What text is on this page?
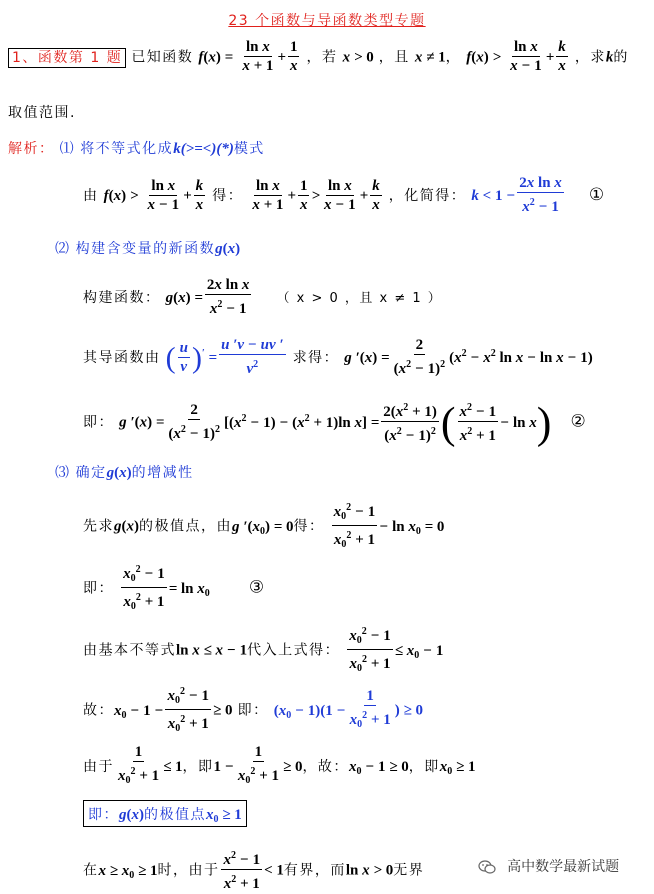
23 个函数与导函数类型专题
1、函数第 1 题 已知函数 $f(x) = \frac{\text{ln x}}{x + 1} + \frac{1}{x}$ ，若 x > 0 ，且 x ≠ 1， $f(x) > \frac{\text{ln x}}{x - 1} + \frac{k}{x}$ ，求k的
取值范围.
解析： ⑴ 将不等式化成k(>=<)(*)模式
由 $f(x) > \frac{\text{ln x}}{x - 1} + \frac{k}{x}$ 得： $\frac{\text{ln x}}{x + 1} + \frac{1}{x} > \frac{\text{ln x}}{x - 1} + \frac{k}{x}$ ，化简得： $k < 1 - \frac{\text{2x ln x}}{x^2 - 1}$ ①
⑵ 构建含变量的新函数g(x)
构建函数： $g(x) = \frac{\text{2x ln x}}{x^2 - 1}$ （ x > 0 ，且 x ≠ 1 ）
其导函数由 ( $\frac{u}{v} )' = \frac{u 'v - uv '}{v^2}$ 求得： g $'(x) = \frac{2}{(x^2 - 1)^2} (x^2 - x^2$ ln x − ln x − 1)
即： g $'(x) = \frac{2}{(x^2 - 1)^2} [(x^2 - 1) - (x^2 + 1)\ln$ $x] = \frac{2(x^2 + 1)}{(x^2 - 1)^2}$ ( $\frac{x^2 - 1}{x^2 + 1} - \ln x$) ②
⑶ 确定g(x)的增减性
先求g(x)的极值点，由g $'(x_0) = 0$得： $\frac{x_0^2 - 1}{x_0^2 + 1} - \ln x_0 = 0$
即： $\frac{x_0^2 - 1}{x_0^2 + 1} = \ln x_0$ ③
由基本不等式ln x ≤ x − 1代入上式得： $\frac{x_0^2 - 1}{x_0^2 + 1} \le x_0 - 1$
故：$x_0 - 1 - \frac{x_0^2 - 1}{x_0^2 + 1} \ge 0$ 即： $(x_0 - 1)(1 - \frac{1}{x_0^2 + 1}$ ) ≥ 0
由于 $\frac{1}{x_0^2 + 1} \le 1$，即$1 - \frac{1}{x_0^2 + 1} \ge 0$，故：$x_0 - 1 \ge 0$，即$x_0 \ge 1$
即：g(x)的极值点$x_0 \ge 1$
在$x \ge x_0 \ge 1$时，由于 $\frac{x^2 - 1}{x^2 + 1} < 1$有界，而ln x > 0无界	高中数学最新试题
